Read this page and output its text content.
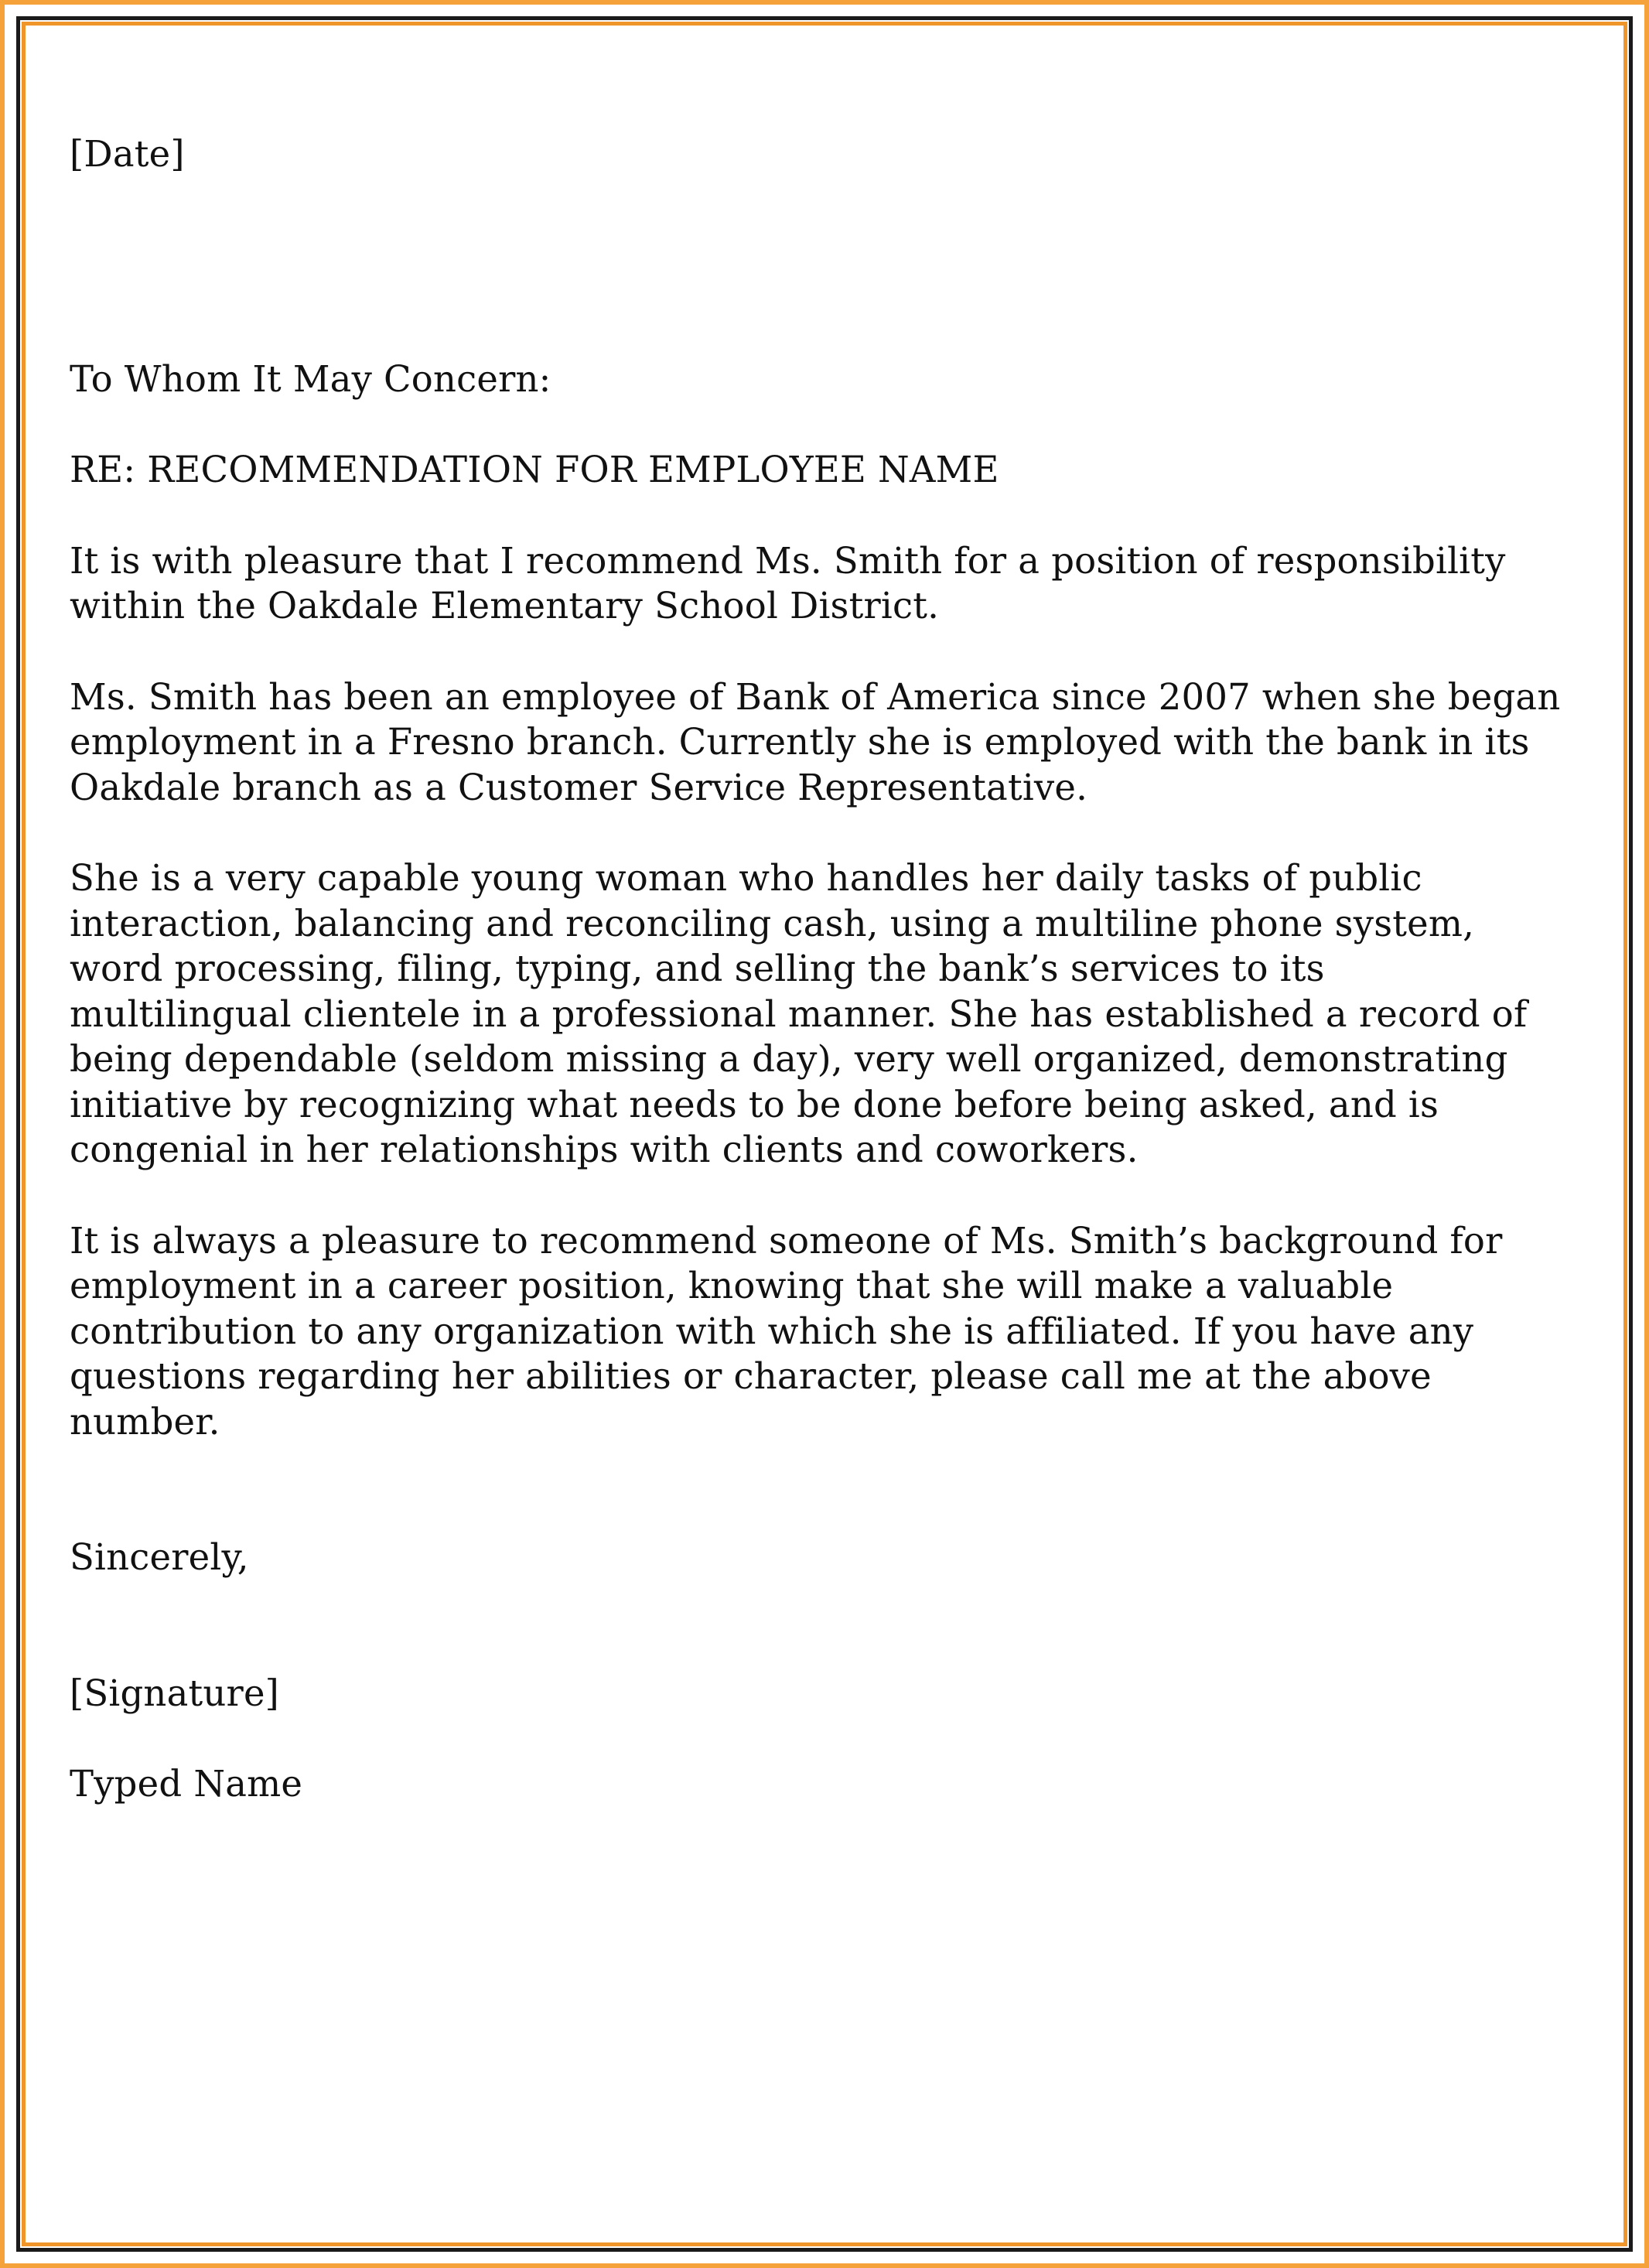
[Date]
To Whom It May Concern:
RE: RECOMMENDATION FOR EMPLOYEE NAME
It is with pleasure that I recommend Ms. Smith for a position of responsibility
within the Oakdale Elementary School District.
Ms. Smith has been an employee of Bank of America since 2007 when she began
employment in a Fresno branch. Currently she is employed with the bank in its
Oakdale branch as a Customer Service Representative.
She is a very capable young woman who handles her daily tasks of public
interaction, balancing and reconciling cash, using a multiline phone system,
word processing, filing, typing, and selling the bank’s services to its
multilingual clientele in a professional manner. She has established a record of
being dependable (seldom missing a day), very well organized, demonstrating
initiative by recognizing what needs to be done before being asked, and is
congenial in her relationships with clients and coworkers.
It is always a pleasure to recommend someone of Ms. Smith’s background for
employment in a career position, knowing that she will make a valuable
contribution to any organization with which she is affiliated. If you have any
questions regarding her abilities or character, please call me at the above
number.
Sincerely,
[Signature]
Typed Name
